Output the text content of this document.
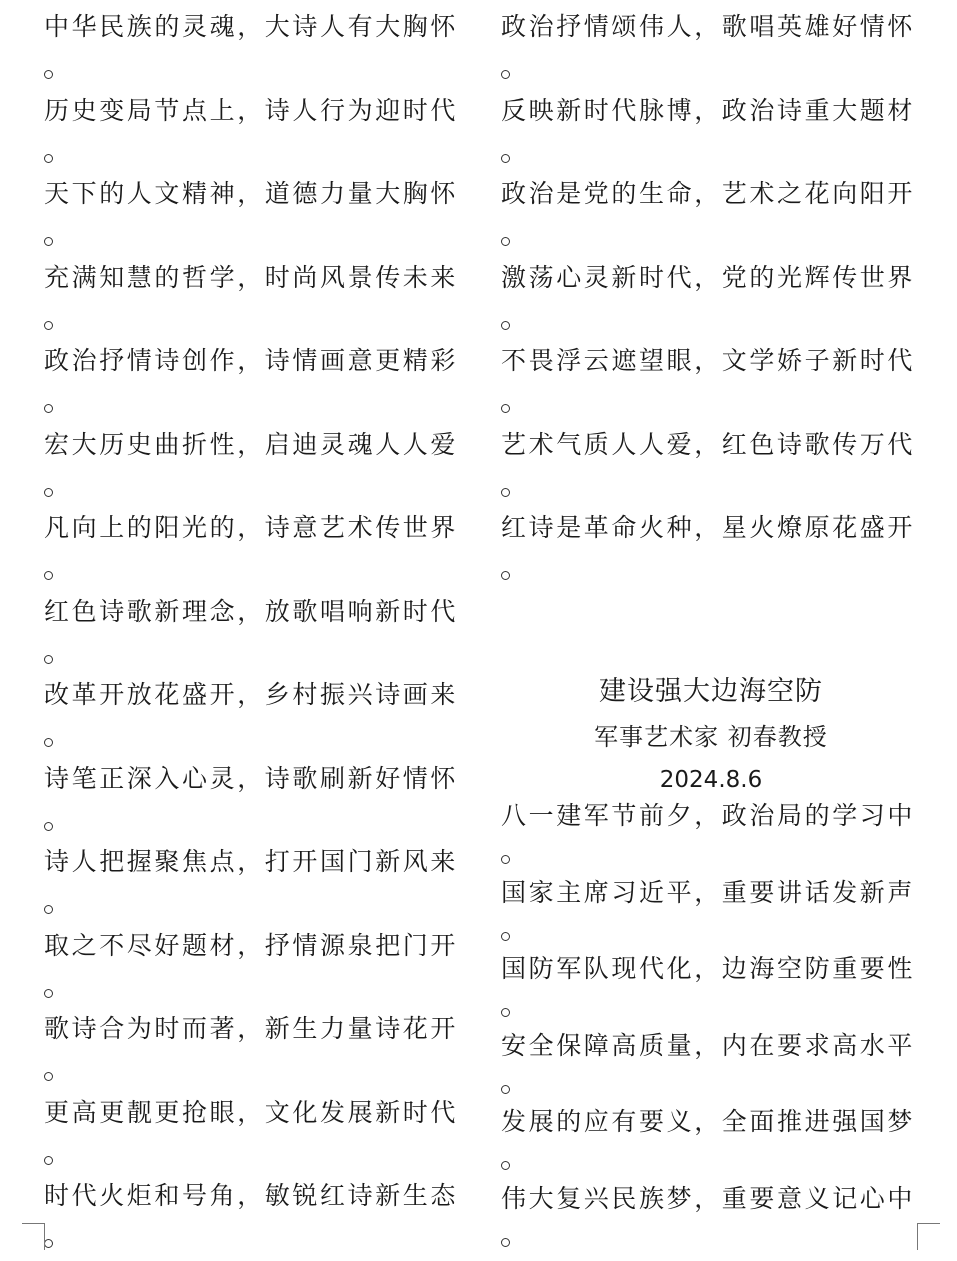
中华民族的灵魂，大诗人有大胸怀
历史变局节点上，诗人行为迎时代
天下的人文精神，道德力量大胸怀
充满知慧的哲学，时尚风景传未来
政治抒情诗创作，诗情画意更精彩
宏大历史曲折性，启迪灵魂人人爱
凡向上的阳光的，诗意艺术传世界
红色诗歌新理念，放歌唱响新时代
改革开放花盛开，乡村振兴诗画来
诗笔正深入心灵，诗歌刷新好情怀
诗人把握聚焦点，打开国门新风来
取之不尽好题材，抒情源泉把门开
歌诗合为时而著，新生力量诗花开
更高更靓更抢眼，文化发展新时代
时代火炬和号角，敏锐红诗新生态
政治抒情颂伟人，歌唱英雄好情怀
反映新时代脉博，政治诗重大题材
政治是党的生命，艺术之花向阳开
激荡心灵新时代，党的光辉传世界
不畏浮云遮望眼，文学娇子新时代
艺术气质人人爱，红色诗歌传万代
红诗是革命火种，星火燎原花盛开
八一建军节前夕，政治局的学习中
国家主席习近平，重要讲话发新声
国防军队现代化，边海空防重要性
安全保障高质量，内在要求高水平
发展的应有要义，全面推进强国梦
伟大复兴民族梦，重要意义记心中
建设强大边海空防
军事艺术家 初春教授
2024.8.6
